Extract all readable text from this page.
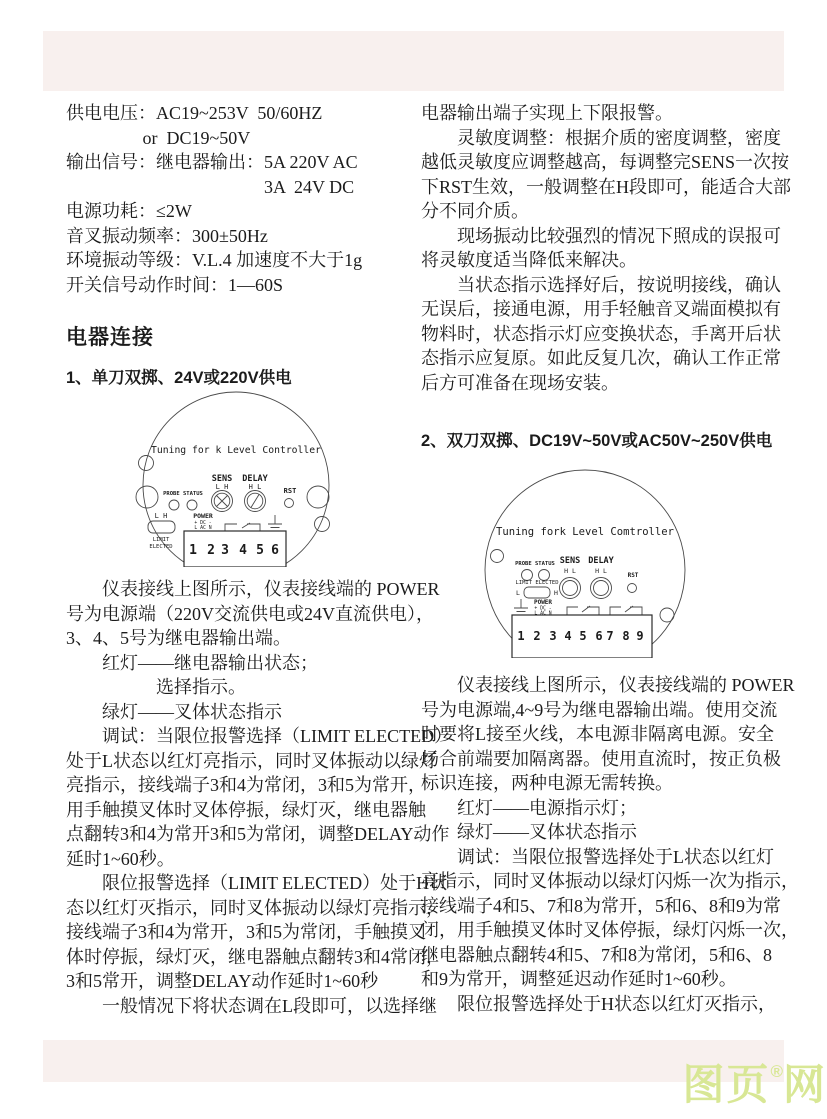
供电电压：AC19~253V  50/60HZ
　　　　 or  DC19~50V
输出信号：继电器输出：5A 220V AC
　　　　　　　　　　　3A  24V DC
电源功耗：≤2W
音叉振动频率：300±50Hz
环境振动等级：V.L.4 加速度不大于1g
开关信号动作时间：1—60S
电器连接
1、单刀双掷、24V或220V供电
Tuning for k Level Controller
PROBE STATUS
SENS
L H
DELAY
H L	RST
L H
LIMIT
ELECTED
POWER
+ DC -
L AC N
1 2 3 4 5 6
　　仪表接线上图所示，仪表接线端的 POWER
号为电源端（220V交流供电或24V直流供电），
3、4、5号为继电器输出端。
　　红灯——继电器输出状态；
　　　　　选择指示。
　　绿灯——叉体状态指示
　　调试：当限位报警选择（LIMIT ELECTED）
处于L状态以红灯亮指示，同时叉体振动以绿灯
亮指示，接线端子3和4为常闭，3和5为常开，
用手触摸叉体时叉体停振，绿灯灭，继电器触
点翻转3和4为常开3和5为常闭，调整DELAY动作
延时1~60秒。
　　限位报警选择（LIMIT ELECTED）处于H状
态以红灯灭指示，同时叉体振动以绿灯亮指示，
接线端子3和4为常开，3和5为常闭，手触摸叉
体时停振，绿灯灭，继电器触点翻转3和4常闭，
3和5常开，调整DELAY动作延时1~60秒
　　一般情况下将状态调在L段即可，以选择继
电器输出端子实现上下限报警。
　　灵敏度调整：根据介质的密度调整，密度
越低灵敏度应调整越高，每调整完SENS一次按
下RST生效，一般调整在H段即可，能适合大部
分不同介质。
　　现场振动比较强烈的情况下照成的误报可
将灵敏度适当降低来解决。
　　当状态指示选择好后，按说明接线，确认
无误后，接通电源，用手轻触音叉端面模拟有
物料时，状态指示灯应变换状态，手离开后状
态指示应复原。如此反复几次，确认工作正常
后方可准备在现场安装。
2、双刀双掷、DC19V~50V或AC50V~250V供电
Tuning fork Level Comtroller
PROBE STATUS SENS
H L
DELAY
H L
RST
LIMIT ELECTED
L	H
POWER
+ DC -
L AC N
1 2 3 4 5 6 7 8 9
　　仪表接线上图所示，仪表接线端的 POWER
号为电源端,4~9号为继电器输出端。使用交流
时要将L接至火线，本电源非隔离电源。安全
场合前端要加隔离器。使用直流时，按正负极
标识连接，两种电源无需转换。
　　红灯——电源指示灯；
　　绿灯——叉体状态指示
　　调试：当限位报警选择处于L状态以红灯
亮指示，同时叉体振动以绿灯闪烁一次为指示，
接线端子4和5、7和8为常开，5和6、8和9为常
闭，用手触摸叉体时叉体停振，绿灯闪烁一次，
继电器触点翻转4和5、7和8为常闭，5和6、8
和9为常开，调整延迟动作延时1~60秒。
　　限位报警选择处于H状态以红灯灭指示，
图页®网
